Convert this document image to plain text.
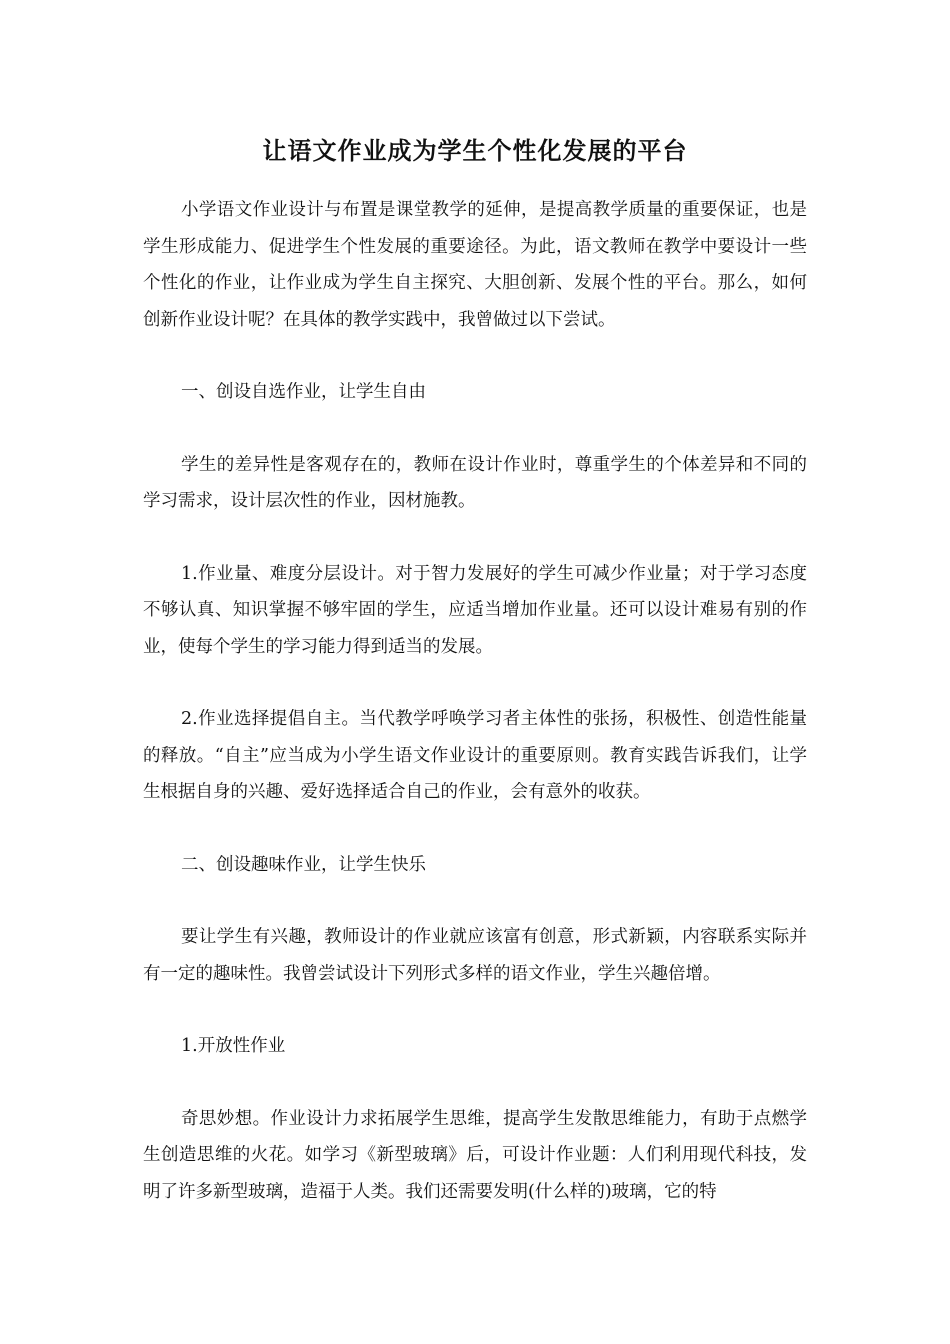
让语文作业成为学生个性化发展的平台

小学语文作业设计与布置是课堂教学的延伸，是提高教学质量的重要保证，也是学生形成能力、促进学生个性发展的重要途径。为此，语文教师在教学中要设计一些个性化的作业，让作业成为学生自主探究、大胆创新、发展个性的平台。那么，如何创新作业设计呢？在具体的教学实践中，我曾做过以下尝试。

一、创设自选作业，让学生自由

学生的差异性是客观存在的，教师在设计作业时，尊重学生的个体差异和不同的学习需求，设计层次性的作业，因材施教。

1.作业量、难度分层设计。对于智力发展好的学生可减少作业量；对于学习态度不够认真、知识掌握不够牢固的学生，应适当增加作业量。还可以设计难易有别的作业，使每个学生的学习能力得到适当的发展。

2.作业选择提倡自主。当代教学呼唤学习者主体性的张扬，积极性、创造性能量的释放。“自主”应当成为小学生语文作业设计的重要原则。教育实践告诉我们，让学生根据自身的兴趣、爱好选择适合自己的作业，会有意外的收获。

二、创设趣味作业，让学生快乐

要让学生有兴趣，教师设计的作业就应该富有创意，形式新颖，内容联系实际并有一定的趣味性。我曾尝试设计下列形式多样的语文作业，学生兴趣倍增。

1.开放性作业

奇思妙想。作业设计力求拓展学生思维，提高学生发散思维能力，有助于点燃学生创造思维的火花。如学习《新型玻璃》后，可设计作业题：人们利用现代科技，发明了许多新型玻璃，造福于人类。我们还需要发明(什么样的)玻璃，它的特
